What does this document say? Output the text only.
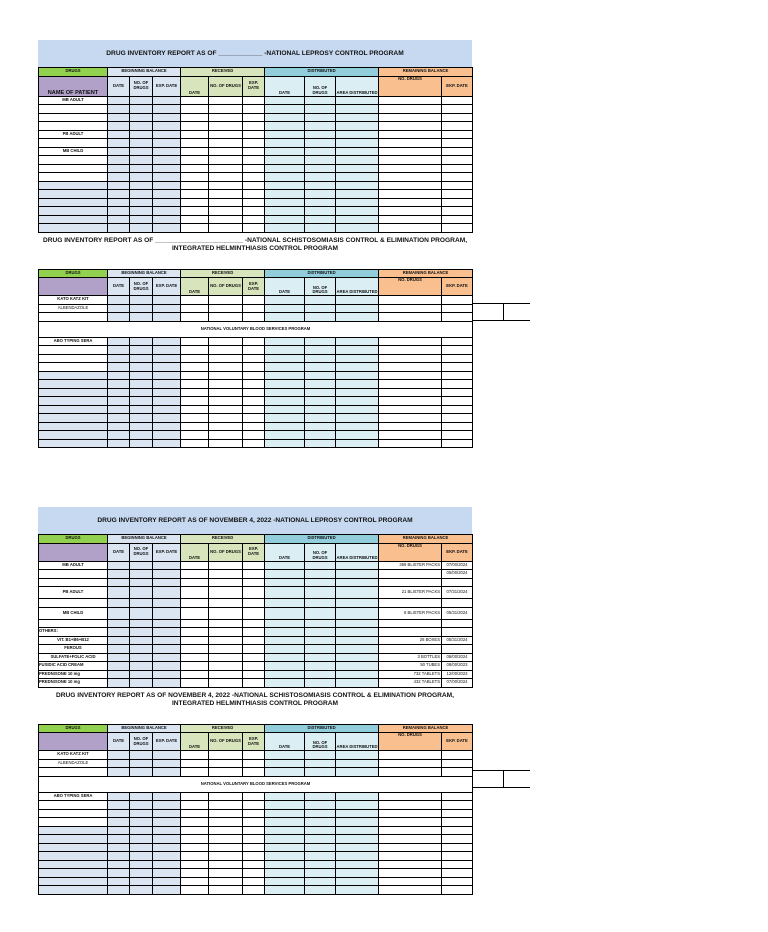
DRUG INVENTORY REPORT AS OF ____________ -NATIONAL LEPROSY CONTROL PROGRAM
DRUGS	BEGINNING BALANCE			RECEIVED			DISTRIBUTED			REMAINING BALANCE	
NAME OF PATIENT	DATE	NO. OF DRUGS	EXP. DATE	DATE	NO. OF DRUGS	EXP. DATE	DATE	NO. OF DRUGS	AREA DISTRIBUTED	NO. DRUGS	EKP. DATE
MB ADULT											

PB ADULT											

MB CHILD											

DRUG INVENTORY REPORT AS OF ________________________ -NATIONAL SCHISTOSOMIASIS CONTROL & ELIMINATION PROGRAM,
INTEGRATED HELMINTHIASIS CONTROL PROGRAM
DRUGS	BEGINNING BALANCE			RECEIVED			DISTRIBUTED			REMAINING BALANCE	
	DATE	NO. OF DRUGS	EXP. DATE	DATE	NO. OF DRUGS	EXP. DATE	DATE	NO. OF DRUGS	AREA DISTRIBUTED	NO. DRUGS	EKP. DATE
KATO KATZ KIT											
ALBENDAZOLE											

NATIONAL VOLUNTARY BLOOD SERVICES PROGRAM											
ABO TYPING SERA											

DRUG INVENTORY REPORT AS OF NOVEMBER 4, 2022 -NATIONAL LEPROSY CONTROL PROGRAM
DRUGS	BEGINNING BALANCE			RECEIVED			DISTRIBUTED			REMAINING BALANCE	
	DATE	NO. OF DRUGS	EXP. DATE	DATE	NO. OF DRUGS	EXP. DATE	DATE	NO. OF DRUGS	AREA DISTRIBUTED	NO. DRUGS	EKP. DATE
MB ADULT										359 BLISTER PACKS	07/00/2024
											05/00/2024

PB ADULT										21 BLISTER PACKS	07/31/2024

MB CHILD										6 BLISTER PACKS	05/31/2024

OTHERS:											
VIT. B1+B6+B12										26 BOXES	05/31/2024
FEROUS											
SULFATE+FOLIC ACID										3 BOTTLES	08/00/2024
FUSIDIC ACID CREAM										50 TUBES	08/00/2023
PREDNISONE 10 mg										732 TABLETS	12/00/2023
PREDNISONE 10 mg										432 TABLETS	07/00/2024
DRUG INVENTORY REPORT AS OF NOVEMBER 4, 2022 -NATIONAL SCHISTOSOMIASIS CONTROL & ELIMINATION PROGRAM,
INTEGRATED HELMINTHIASIS CONTROL PROGRAM
DRUGS	BEGINNING BALANCE			RECEIVED			DISTRIBUTED			REMAINING BALANCE	
	DATE	NO. OF DRUGS	EXP. DATE	DATE	NO. OF DRUGS	EXP. DATE	DATE	NO. OF DRUGS	AREA DISTRIBUTED	NO. DRUGS	EKP. DATE
KATO KATZ KIT											
ALBENDAZOLE											

NATIONAL VOLUNTARY BLOOD SERVICES PROGRAM											
ABO TYPING SERA											
